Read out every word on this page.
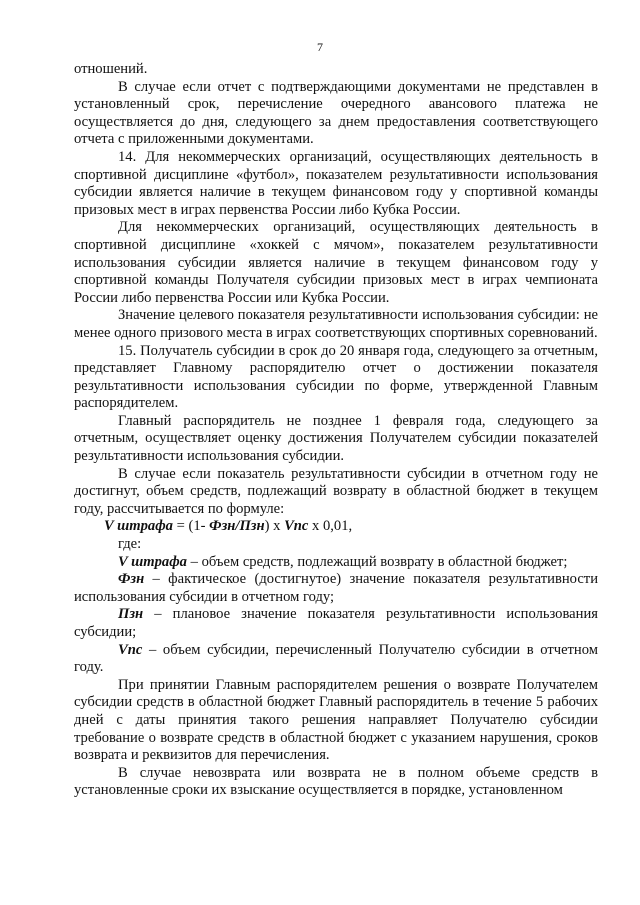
7

отношений.

В случае если отчет с подтверждающими документами не представлен в установленный срок, перечисление очередного авансового платежа не осуществляется до дня, следующего за днем предоставления соответствующего отчета с приложенными документами.

14. Для некоммерческих организаций, осуществляющих деятельность в спортивной дисциплине «футбол», показателем результативности использования субсидии является наличие в текущем финансовом году у спортивной команды призовых мест в играх первенства России либо Кубка России.

Для некоммерческих организаций, осуществляющих деятельность в спортивной дисциплине «хоккей с мячом», показателем результативности использования субсидии является наличие в текущем финансовом году у спортивной команды Получателя субсидии призовых мест в играх чемпионата России либо первенства России или Кубка России.

Значение целевого показателя результативности использования субсидии: не менее одного призового места в играх соответствующих спортивных соревнований.

15. Получатель субсидии в срок до 20 января года, следующего за отчетным, представляет Главному распорядителю отчет о достижении показателя результативности использования субсидии по форме, утвержденной Главным распорядителем.

Главный распорядитель не позднее 1 февраля года, следующего за отчетным, осуществляет оценку достижения Получателем субсидии показателей результативности использования субсидии.

В случае если показатель результативности субсидии в отчетном году не достигнут, объем средств, подлежащий возврату в областной бюджет в текущем году, рассчитывается по формуле:

V штрафа = (1- Фзн/Пзн) х Vпс х 0,01,

где:

V штрафа – объем средств, подлежащий возврату в областной бюджет;

Фзн – фактическое (достигнутое) значение показателя результативности использования субсидии в отчетном году;

Пзн – плановое значение показателя результативности использования субсидии;

Vпс – объем субсидии, перечисленный Получателю субсидии в отчетном году.

При принятии Главным распорядителем решения о возврате Получателем субсидии средств в областной бюджет Главный распорядитель в течение 5 рабочих дней с даты принятия такого решения направляет Получателю субсидии требование о возврате средств в областной бюджет с указанием нарушения, сроков возврата и реквизитов для перечисления.

В случае невозврата или возврата не в полном объеме средств в установленные сроки их взыскание осуществляется в порядке, установленном
